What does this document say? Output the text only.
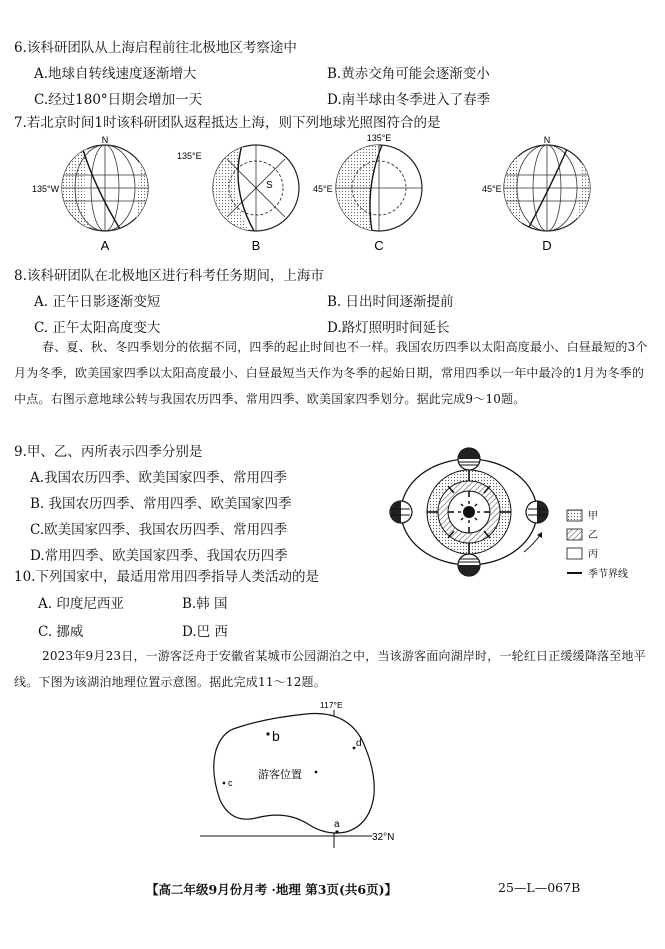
6.该科研团队从上海启程前往北极地区考察途中
A.地球自转线速度逐渐增大	B.黄赤交角可能会逐渐变小
C.经过180°日期会增加一天	D.南半球由冬季进入了春季
7.若北京时间1时该科研团队返程抵达上海，则下列地球光照图符合的是
N
135°W
A
S
135°E
B
135°E
45°E
C
N
45°E
D
8.该科研团队在北极地区进行科考任务期间，上海市
A. 正午日影逐渐变短	B. 日出时间逐渐提前
C. 正午太阳高度变大	D.路灯照明时间延长
春、夏、秋、冬四季划分的依据不同，四季的起止时间也不一样。我国农历四季以太阳高度最小、白昼最短的3个月为冬季，欧美国家四季以太阳高度最小、白昼最短当天作为冬季的起始日期，常用四季以一年中最冷的1月为冬季的中点。右图示意地球公转与我国农历四季、常用四季、欧美国家四季划分。据此完成9～10题。
9.甲、乙、丙所表示四季分别是
A.我国农历四季、欧美国家四季、常用四季
B. 我国农历四季、常用四季、欧美国家四季
C.欧美国家四季、我国农历四季、常用四季
D.常用四季、欧美国家四季、我国农历四季
甲
乙
丙
季节界线
10.下列国家中，最适用常用四季指导人类活动的是
A. 印度尼西亚	B.韩 国
C. 挪威	D.巴 西
2023年9月23日，一游客泛舟于安徽省某城市公园湖泊之中，当该游客面向湖岸时，一轮红日正缓缓降落至地平线。下图为该湖泊地理位置示意图。据此完成11～12题。
117°E
32°N
b	d
c
游客位置
a
【高二年级9月份月考 ·地理 第3页(共6页)】	25—L—067B
